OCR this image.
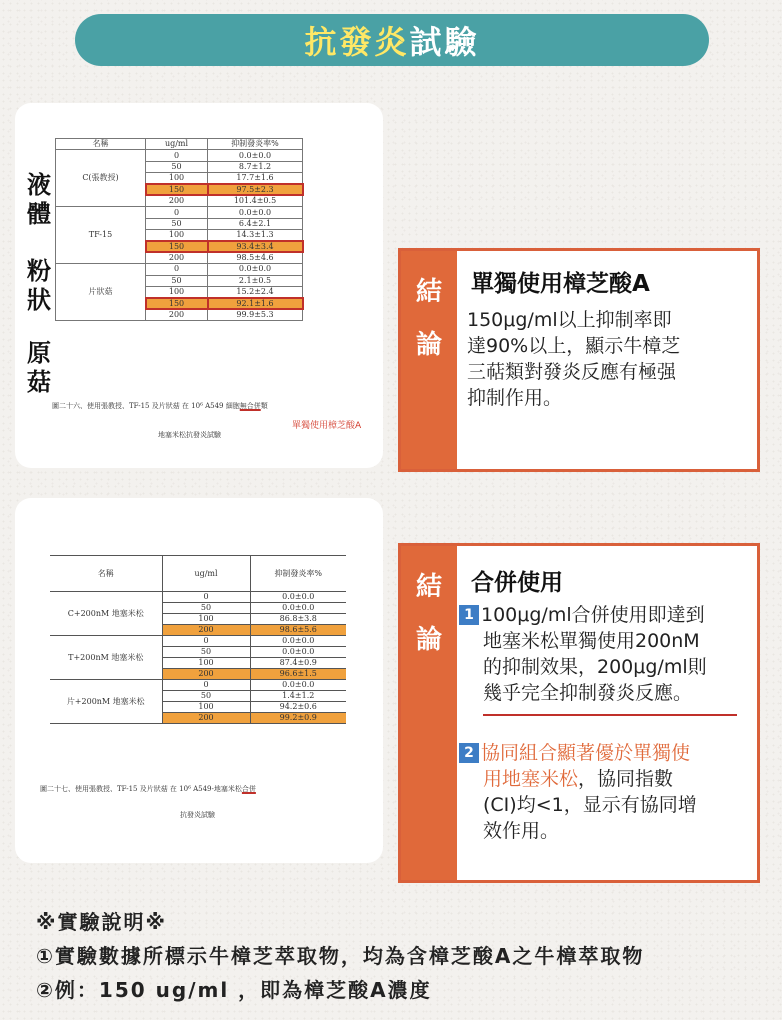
抗發炎 試驗
液
體
粉
狀
原
菇
名稱	ug/ml	抑制發炎率%
C(張教授)	0	0.0±0.0
	50	8.7±1.2
	100	17.7±1.6
	150	97.5±2.3
	200	101.4±0.5
TF-15	0	0.0±0.0
	50	6.4±2.1
	100	14.3±1.3
	150	93.4±3.4
	200	98.5±4.6
片狀菇	0	0.0±0.0
	50	2.1±0.5
	100	15.2±2.4
	150	92.1±1.6
	200	99.9±5.3
圖二十六、使用張教授、TF-15 及片狀菇 在 10⁶ A549 細胞無合併類
地塞米松抗發炎試驗
單獨使用樟芝酸A
名稱	ug/ml	抑制發炎率%
C+200nM 地塞米松	0	0.0±0.0
	50	0.0±0.0
	100	86.8±3.8
	200	98.6±5.6
T+200nM 地塞米松	0	0.0±0.0
	50	0.0±0.0
	100	87.4±0.9
	200	96.6±1.5
片+200nM 地塞米松	0	0.0±0.0
	50	1.4±1.2
	100	94.2±0.6
	200	99.2±0.9
圖二十七、使用張教授、TF-15 及片狀菇 在 10⁶ A549-地塞米松合併
抗發炎試驗
結
論
單獨使用樟芝酸A
150μg/ml以上抑制率即
達90%以上，顯示牛樟芝
三萜類對發炎反應有極强
抑制作用。
結
論
合併使用
1 100μg/ml合併使用即達到
地塞米松單獨使用200nM
的抑制效果，200μg/ml則
幾乎完全抑制發炎反應。
2 協同組合顯著優於單獨使
用地塞米松，協同指數
(CI)均<1，显示有協同增
效作用。
※實驗說明※
①實驗數據所標示牛樟芝萃取物，均為含樟芝酸A之牛樟萃取物
②例：150 ug/ml ，即為樟芝酸A濃度
